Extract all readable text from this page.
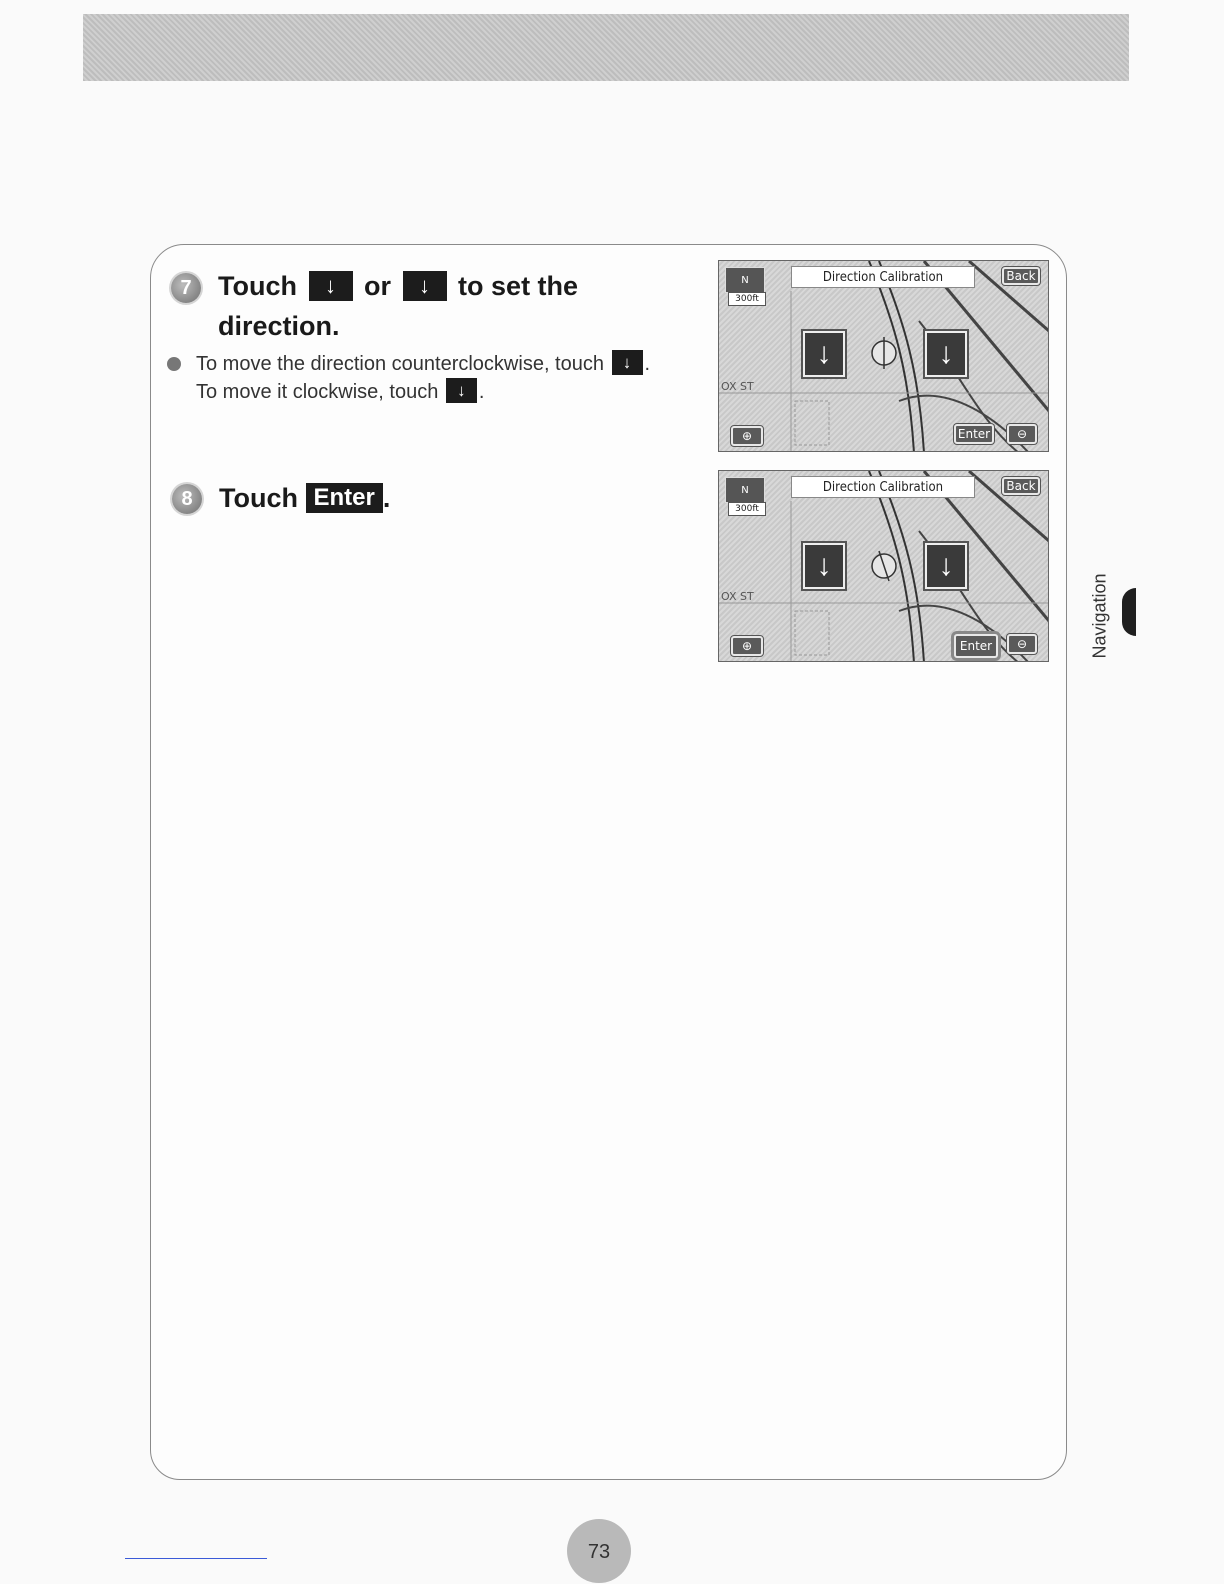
7 Touch ↓ or ↓ to set the
direction.
To move the direction counterclockwise, touch ↓ .
To move it clockwise, touch ↓ .
8 Touch Enter .
N
300ft
OX ST
Direction Calibration	Back
↓	↓
⊕	Enter	⊖
N
300ft
OX ST
Direction Calibration	Back
↓	↓
⊕	Enter	⊖	Navigation
73
